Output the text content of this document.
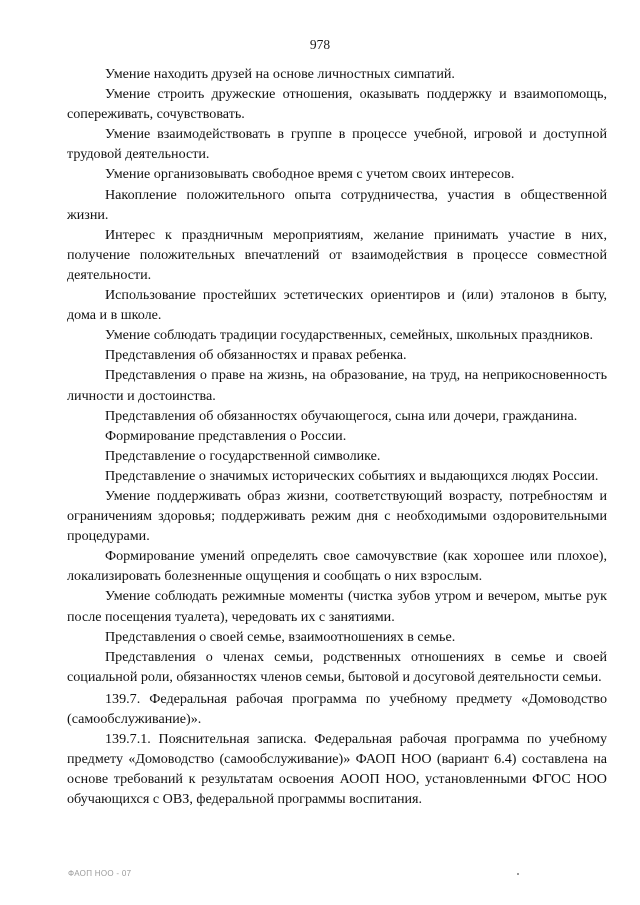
978

Умение находить друзей на основе личностных симпатий.

Умение строить дружеские отношения, оказывать поддержку и взаимопомощь, сопереживать, сочувствовать.

Умение взаимодействовать в группе в процессе учебной, игровой и доступной трудовой деятельности.

Умение организовывать свободное время с учетом своих интересов.

Накопление положительного опыта сотрудничества, участия в общественной жизни.

Интерес к праздничным мероприятиям, желание принимать участие в них, получение положительных впечатлений от взаимодействия в процессе совместной деятельности.

Использование простейших эстетических ориентиров и (или) эталонов в быту, дома и в школе.

Умение соблюдать традиции государственных, семейных, школьных праздников.

Представления об обязанностях и правах ребенка.

Представления о праве на жизнь, на образование, на труд, на неприкосновенность личности и достоинства.

Представления об обязанностях обучающегося, сына или дочери, гражданина.

Формирование представления о России.

Представление о государственной символике.

Представление о значимых исторических событиях и выдающихся людях России.

Умение поддерживать образ жизни, соответствующий возрасту, потребностям и ограничениям здоровья; поддерживать режим дня с необходимыми оздоровительными процедурами.

Формирование умений определять свое самочувствие (как хорошее или плохое), локализировать болезненные ощущения и сообщать о них взрослым.

Умение соблюдать режимные моменты (чистка зубов утром и вечером, мытье рук после посещения туалета), чередовать их с занятиями.

Представления о своей семье, взаимоотношениях в семье.

Представления о членах семьи, родственных отношениях в семье и своей социальной роли, обязанностях членов семьи, бытовой и досуговой деятельности семьи.

139.7. Федеральная рабочая программа по учебному предмету «Домоводство (самообслуживание)».

139.7.1. Пояснительная записка. Федеральная рабочая программа по учебному предмету «Домоводство (самообслуживание)» ФАОП НОО (вариант 6.4) составлена на основе требований к результатам освоения АООП НОО, установленными ФГОС НОО обучающихся с ОВЗ, федеральной программы воспитания.

ФАОП НОО - 07
